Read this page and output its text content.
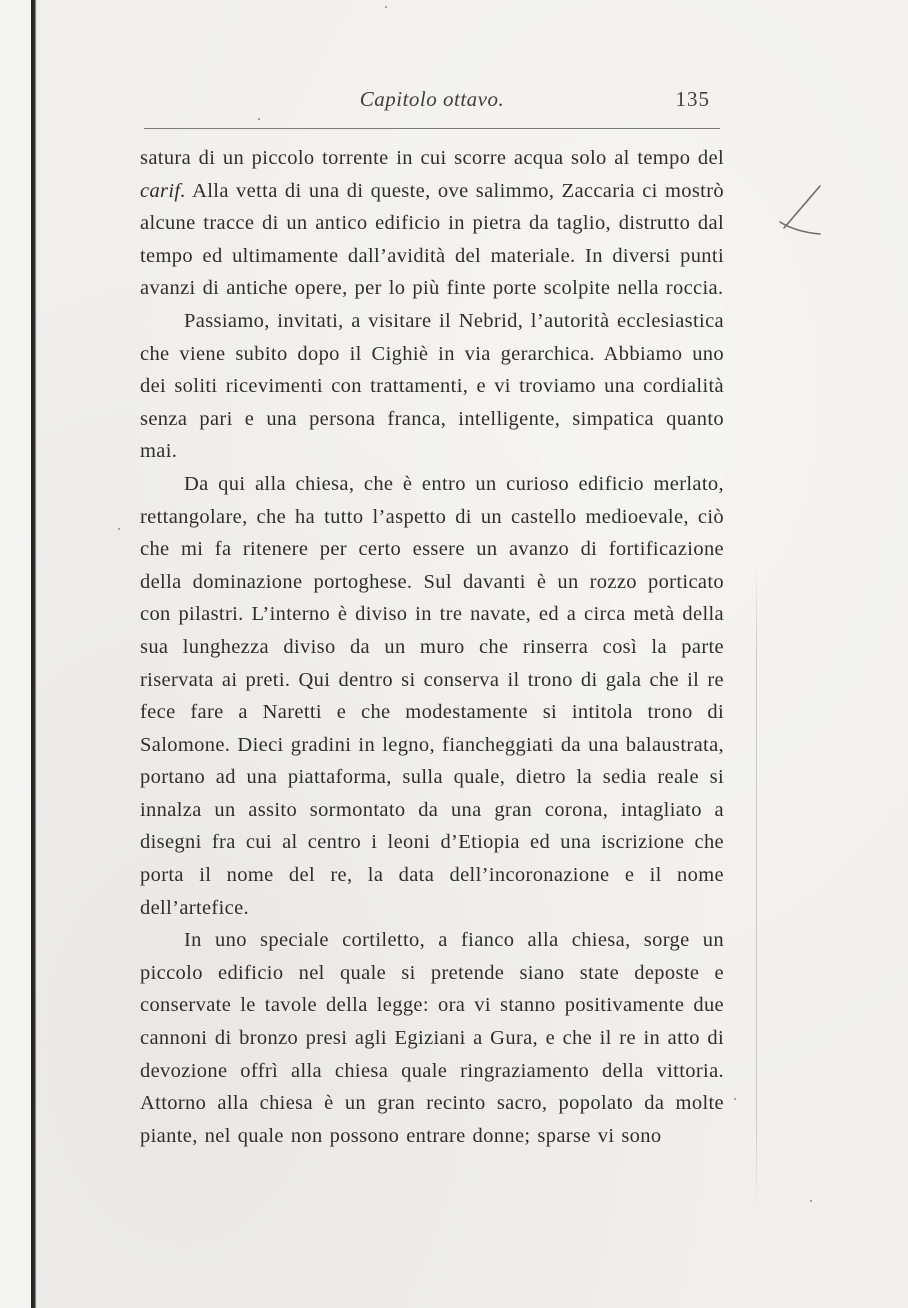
Capitolo ottavo.	135

satura di un piccolo torrente in cui scorre acqua solo al tempo del carif. Alla vetta di una di queste, ove salimmo, Zaccaria ci mostrò alcune tracce di un antico edificio in pietra da taglio, distrutto dal tempo ed ultimamente dall’avidità del materiale. In diversi punti avanzi di antiche opere, per lo più finte porte scolpite nella roccia.

Passiamo, invitati, a visitare il Nebrid, l’autorità ecclesiastica che viene subito dopo il Cighiè in via gerarchica. Abbiamo uno dei soliti ricevimenti con trattamenti, e vi troviamo una cordialità senza pari e una persona franca, intelligente, simpatica quanto mai.

Da qui alla chiesa, che è entro un curioso edificio merlato, rettangolare, che ha tutto l’aspetto di un castello medioevale, ciò che mi fa ritenere per certo essere un avanzo di fortificazione della dominazione portoghese. Sul davanti è un rozzo porticato con pilastri. L’interno è diviso in tre navate, ed a circa metà della sua lunghezza diviso da un muro che rinserra così la parte riservata ai preti. Qui dentro si conserva il trono di gala che il re fece fare a Naretti e che modestamente si intitola trono di Salomone. Dieci gradini in legno, fiancheggiati da una balaustrata, portano ad una piattaforma, sulla quale, dietro la sedia reale si innalza un assito sormontato da una gran corona, intagliato a disegni fra cui al centro i leoni d’Etiopia ed una iscrizione che porta il nome del re, la data dell’incoronazione e il nome dell’artefice.

In uno speciale cortiletto, a fianco alla chiesa, sorge un piccolo edificio nel quale si pretende siano state deposte e conservate le tavole della legge: ora vi stanno positivamente due cannoni di bronzo presi agli Egiziani a Gura, e che il re in atto di devozione offrì alla chiesa quale ringraziamento della vittoria. Attorno alla chiesa è un gran recinto sacro, popolato da molte piante, nel quale non possono entrare donne; sparse vi sono
